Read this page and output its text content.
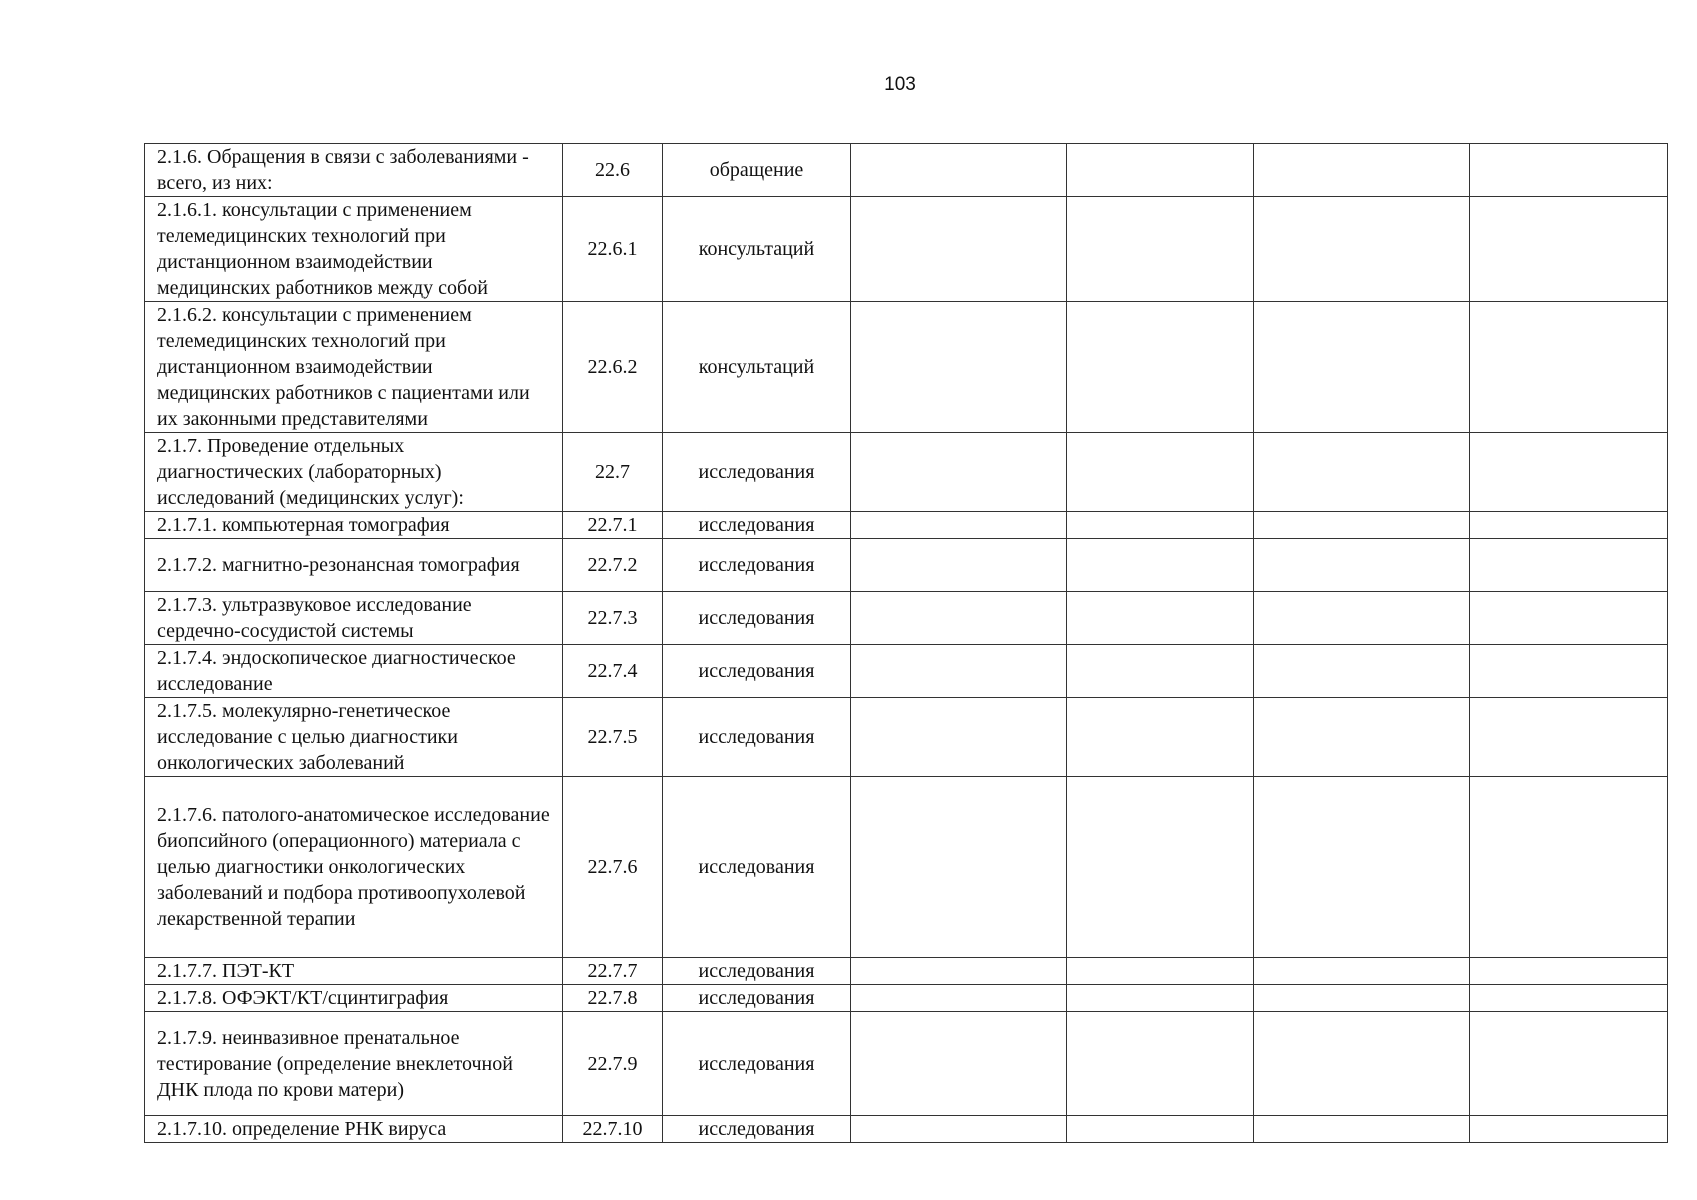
103
2.1.6. Обращения в связи с заболеваниями - всего, из них:	22.6	обращение				
2.1.6.1. консультации с применением телемедицинских технологий при дистанционном взаимодействии медицинских работников между собой	22.6.1	консультаций				
2.1.6.2. консультации с применением телемедицинских технологий при дистанционном взаимодействии медицинских работников с пациентами или их законными представителями	22.6.2	консультаций				
2.1.7. Проведение отдельных диагностических (лабораторных) исследований (медицинских услуг):	22.7	исследования				
2.1.7.1. компьютерная томография	22.7.1	исследования				
2.1.7.2. магнитно-резонансная томография	22.7.2	исследования				
2.1.7.3. ультразвуковое исследование сердечно-сосудистой системы	22.7.3	исследования				
2.1.7.4. эндоскопическое диагностическое исследование	22.7.4	исследования				
2.1.7.5. молекулярно-генетическое исследование с целью диагностики онкологических заболеваний	22.7.5	исследования				
2.1.7.6. патолого-анатомическое исследование биопсийного (операционного) материала с целью диагностики онкологических заболеваний и подбора противоопухолевой лекарственной терапии	22.7.6	исследования				
2.1.7.7. ПЭТ-КТ	22.7.7	исследования				
2.1.7.8. ОФЭКТ/КТ/сцинтиграфия	22.7.8	исследования				
2.1.7.9. неинвазивное пренатальное тестирование (определение внеклеточной ДНК плода по крови матери)	22.7.9	исследования				
2.1.7.10. определение РНК вируса	22.7.10	исследования				
